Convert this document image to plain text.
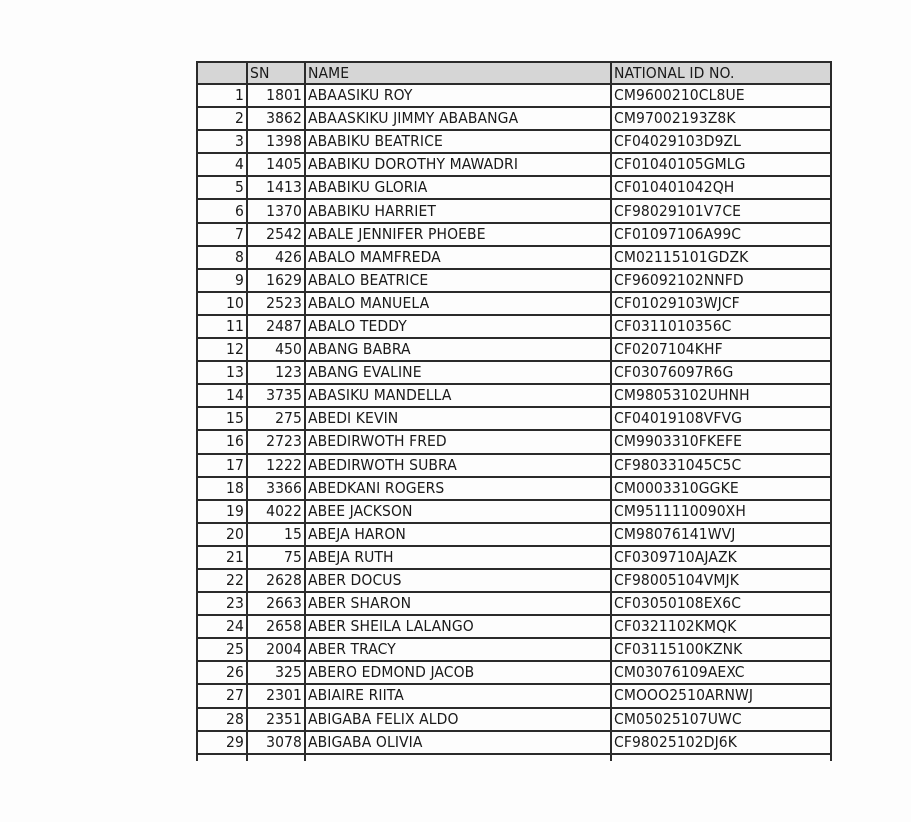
	SN	NAME	NATIONAL ID NO.
1	1801	ABAASIKU ROY	CM9600210CL8UE
2	3862	ABAASKIKU JIMMY ABABANGA	CM97002193Z8K
3	1398	ABABIKU BEATRICE	CF04029103D9ZL
4	1405	ABABIKU DOROTHY MAWADRI	CF01040105GMLG
5	1413	ABABIKU GLORIA	CF010401042QH
6	1370	ABABIKU HARRIET	CF98029101V7CE
7	2542	ABALE JENNIFER PHOEBE	CF01097106A99C
8	426	ABALO MAMFREDA	CM02115101GDZK
9	1629	ABALO BEATRICE	CF96092102NNFD
10	2523	ABALO MANUELA	CF01029103WJCF
11	2487	ABALO TEDDY	CF0311010356C
12	450	ABANG BABRA	CF0207104KHF
13	123	ABANG EVALINE	CF03076097R6G
14	3735	ABASIKU MANDELLA	CM98053102UHNH
15	275	ABEDI KEVIN	CF04019108VFVG
16	2723	ABEDIRWOTH FRED	CM9903310FKEFE
17	1222	ABEDIRWOTH SUBRA	CF980331045C5C
18	3366	ABEDKANI ROGERS	CM0003310GGKE
19	4022	ABEE JACKSON	CM9511110090XH
20	15	ABEJA HARON	CM98076141WVJ
21	75	ABEJA RUTH	CF0309710AJAZK
22	2628	ABER DOCUS	CF98005104VMJK
23	2663	ABER SHARON	CF03050108EX6C
24	2658	ABER SHEILA LALANGO	CF0321102KMQK
25	2004	ABER TRACY	CF03115100KZNK
26	325	ABERO EDMOND JACOB	CM03076109AEXC
27	2301	ABIAIRE RIITA	CMOOO2510ARNWJ
28	2351	ABIGABA FELIX ALDO	CM05025107UWC
29	3078	ABIGABA OLIVIA	CF98025102DJ6K
